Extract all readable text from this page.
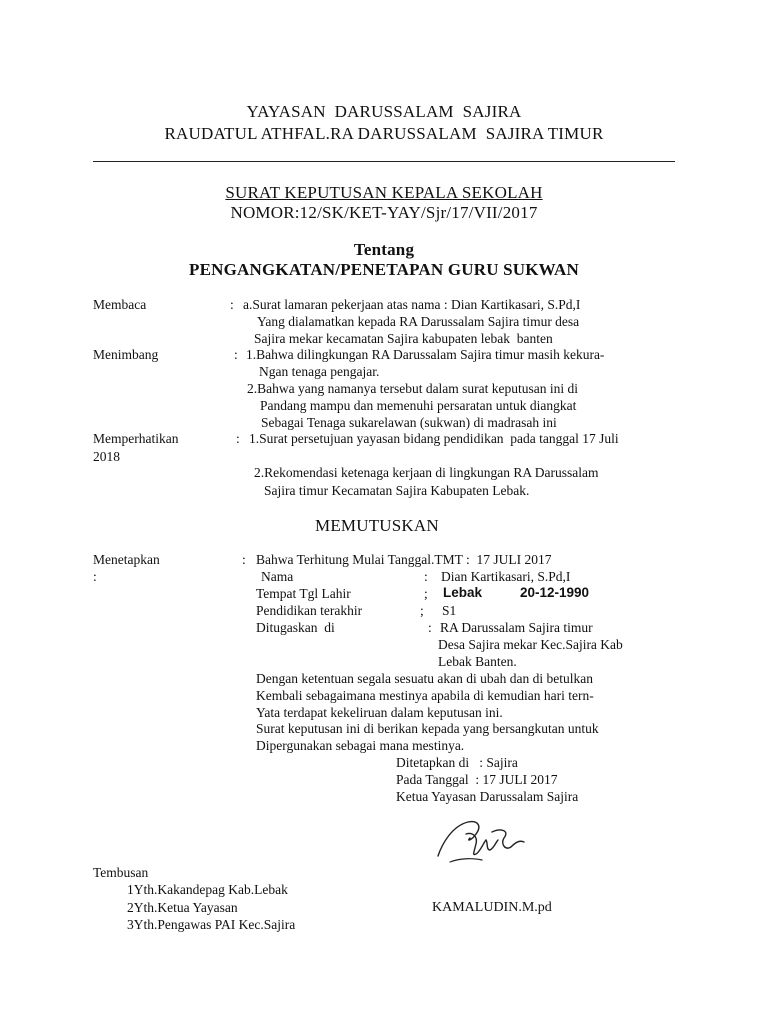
YAYASAN  DARUSSALAM  SAJIRA
RAUDATUL ATHFAL.RA DARUSSALAM  SAJIRA TIMUR
SURAT KEPUTUSAN KEPALA SEKOLAH
NOMOR:12/SK/KET-YAY/Sjr/17/VII/2017
Tentang
PENGANGKATAN/PENETAPAN GURU SUKWAN
Membaca	: a.Surat lamaran pekerjaan atas nama : Dian Kartikasari, S.Pd,I
Yang dialamatkan kepada RA Darussalam Sajira timur desa
Sajira mekar kecamatan Sajira kabupaten lebak  banten
Menimbang	: 1.Bahwa dilingkungan RA Darussalam Sajira timur masih kekura-
Ngan tenaga pengajar.
2.Bahwa yang namanya tersebut dalam surat keputusan ini di
Pandang mampu dan memenuhi persaratan untuk diangkat
Sebagai Tenaga sukarelawan (sukwan) di madrasah ini
Memperhatikan	: 1.Surat persetujuan yayasan bidang pendidikan  pada tanggal 17 Juli
2018
2.Rekomendasi ketenaga kerjaan di lingkungan RA Darussalam
Sajira timur Kecamatan Sajira Kabupaten Lebak.
MEMUTUSKAN
Menetapkan
:
: Bahwa Terhitung Mulai Tanggal.TMT :  17 JULI 2017
Nama	: Dian Kartikasari, S.Pd,I
Tempat Tgl Lahir	; Lebak	20-12-1990
Pendidikan terakhir	; S1
Ditugaskan  di	: RA Darussalam Sajira timur
Desa Sajira mekar Kec.Sajira Kab
Lebak Banten.
Dengan ketentuan segala sesuatu akan di ubah dan di betulkan
Kembali sebagaimana mestinya apabila di kemudian hari tern-
Yata terdapat kekeliruan dalam keputusan ini.
Surat keputusan ini di berikan kepada yang bersangkutan untuk
Dipergunakan sebagai mana mestinya.
Ditetapkan di   : Sajira
Pada Tanggal  : 17 JULI 2017
Ketua Yayasan Darussalam Sajira
KAMALUDIN.M.pd
Tembusan
1Yth.Kakandepag Kab.Lebak
2Yth.Ketua Yayasan
3Yth.Pengawas PAI Kec.Sajira
